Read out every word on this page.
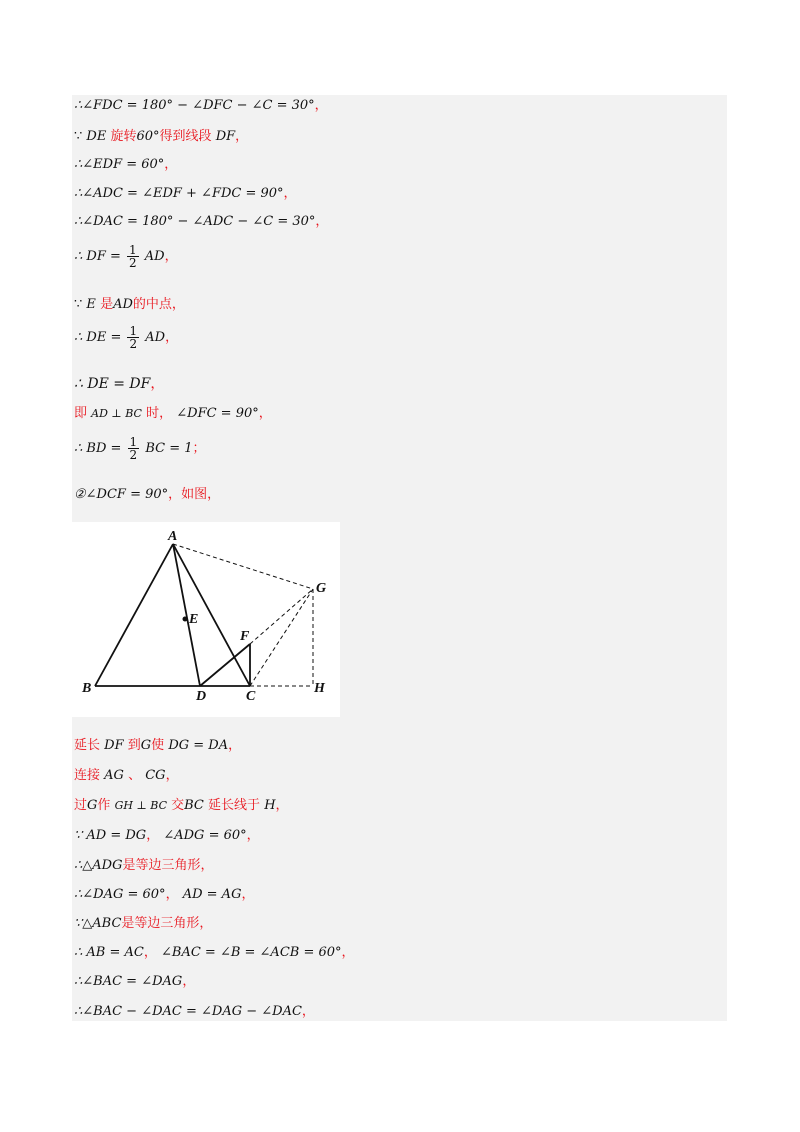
∴∠FDC = 180° − ∠DFC − ∠C = 30°，
∵ DE 旋转60°得到线段 DF，
∴∠EDF = 60°，
∴∠ADC = ∠EDF + ∠FDC = 90°，
∴∠DAC = 180° − ∠ADC − ∠C = 30°，
∴ DF = $\frac{1}{2}$ AD，
∵ E 是AD的中点，
∴ DE = $\frac{1}{2}$ AD，
∴ DE = DF，
即 AD ⊥ BC 时， ∠DFC = 90°，
∴ BD = $\frac{1}{2}$ BC = 1；
②∠DCF = 90°，如图，
A
B
C
D
E
F
G
H
延长 DF 到G使 DG = DA，
连接 AG 、 CG，
过G作 GH ⊥ BC 交BC 延长线于 H，
∵ AD = DG， ∠ADG = 60°，
∴△ADG是等边三角形，
∴∠DAG = 60°， AD = AG，
∵△ABC是等边三角形，
∴ AB = AC， ∠BAC = ∠B = ∠ACB = 60°，
∴∠BAC = ∠DAG，
∴∠BAC − ∠DAC = ∠DAG − ∠DAC，
